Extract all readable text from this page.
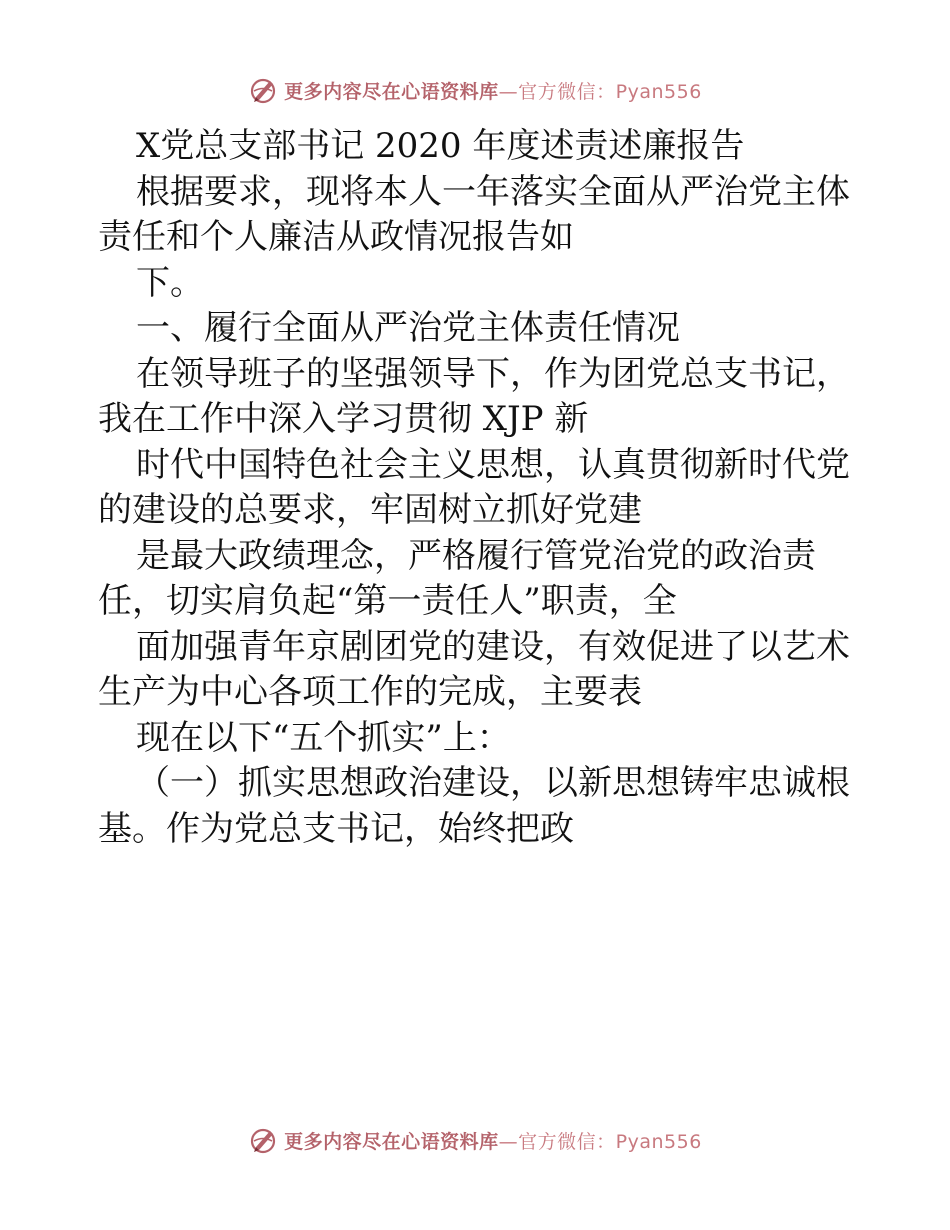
更多内容尽在心语资料库 —官方微信：Pyan556
X党总支部书记 2020 年度述责述廉报告
根据要求，现将本人一年落实全面从严治党主体
责任和个人廉洁从政情况报告如
下。
一、履行全面从严治党主体责任情况
在领导班子的坚强领导下，作为团党总支书记，
我在工作中深入学习贯彻 XJP 新
时代中国特色社会主义思想，认真贯彻新时代党
的建设的总要求，牢固树立抓好党建
是最大政绩理念，严格履行管党治党的政治责
任，切实肩负起“第一责任人”职责，全
面加强青年京剧团党的建设，有效促进了以艺术
生产为中心各项工作的完成，主要表
现在以下“五个抓实”上：
（一）抓实思想政治建设，以新思想铸牢忠诚根
基。作为党总支书记，始终把政
更多内容尽在心语资料库 —官方微信：Pyan556
